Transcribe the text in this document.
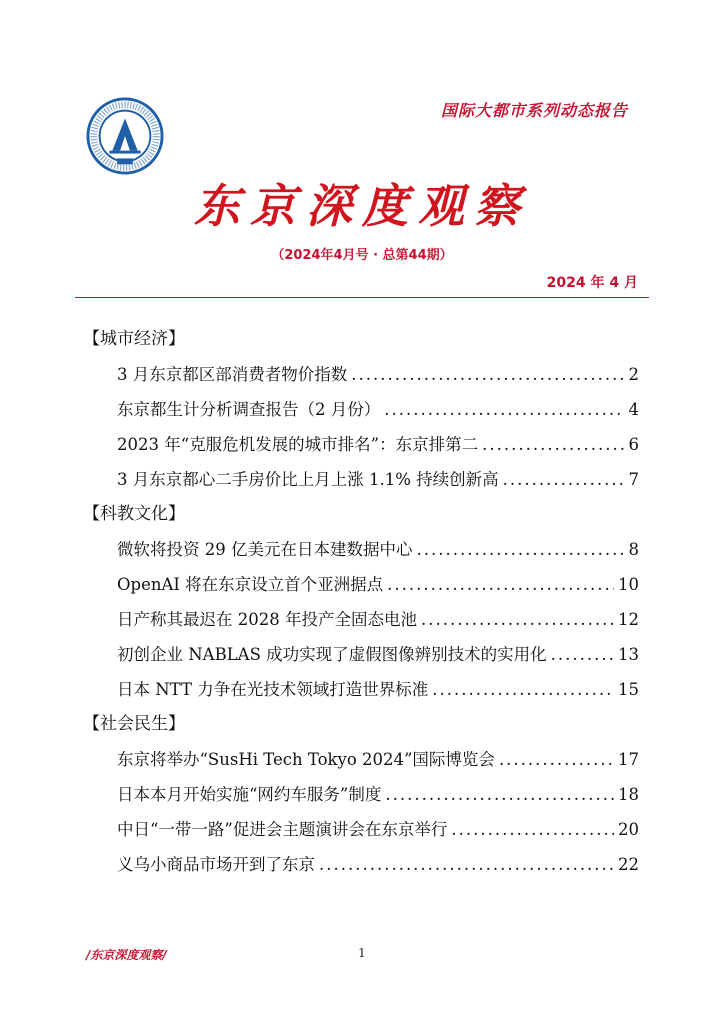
国际大都市系列动态报告
东京深度观察
（2024年4月号 · 总第44期）
2024 年 4 月
【城市经济】
3 月东京都区部消费者物价指数 .....	2
东京都生计分析调查报告（2 月份） .....	4
2023 年“克服危机发展的城市排名”：东京排第二 .....	6
3 月东京都心二手房价比上月上涨 1.1% 持续创新高 .....	7
【科教文化】
微软将投资 29 亿美元在日本建数据中心 .....	8
OpenAI 将在东京设立首个亚洲据点 .....	10
日产称其最迟在 2028 年投产全固态电池 .....	12
初创企业 NABLAS 成功实现了虚假图像辨别技术的实用化 .....	13
日本 NTT 力争在光技术领域打造世界标准 .....	15
【社会民生】
东京将举办“SusHi Tech Tokyo 2024”国际博览会 .....	17
日本本月开始实施“网约车服务”制度 .....	18
中日“一带一路”促进会主题演讲会在东京举行 .....	20
义乌小商品市场开到了东京 .....	22
/东京深度观察/	1
